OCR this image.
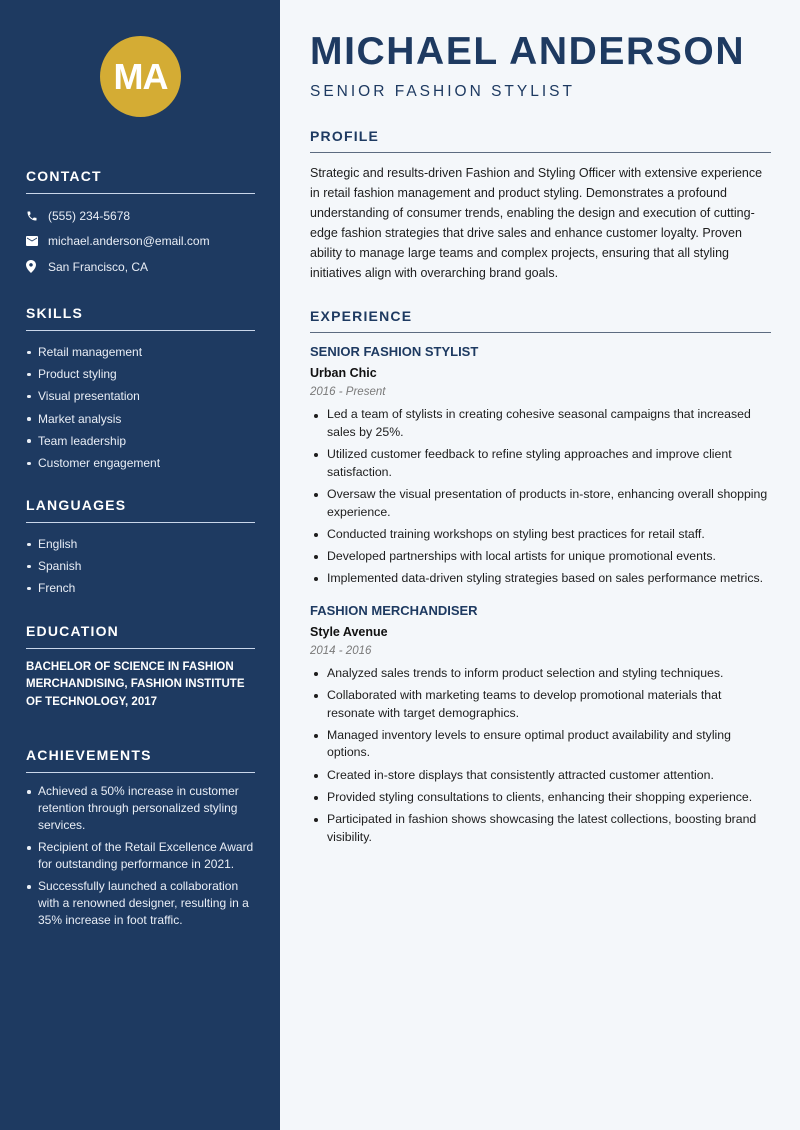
MA
CONTACT
(555) 234-5678
michael.anderson@email.com
San Francisco, CA
SKILLS
Retail management
Product styling
Visual presentation
Market analysis
Team leadership
Customer engagement
LANGUAGES
English
Spanish
French
EDUCATION

BACHELOR OF SCIENCE IN FASHION MERCHANDISING, FASHION INSTITUTE OF TECHNOLOGY, 2017

ACHIEVEMENTS
Achieved a 50% increase in customer retention through personalized styling services.
Recipient of the Retail Excellence Award for outstanding performance in 2021.
Successfully launched a collaboration with a renowned designer, resulting in a 35% increase in foot traffic.
MICHAEL ANDERSON
SENIOR FASHION STYLIST
PROFILE

Strategic and results-driven Fashion and Styling Officer with extensive experience in retail fashion management and product styling. Demonstrates a profound understanding of consumer trends, enabling the design and execution of cutting-edge fashion strategies that drive sales and enhance customer loyalty. Proven ability to manage large teams and complex projects, ensuring that all styling initiatives align with overarching brand goals.

EXPERIENCE
SENIOR FASHION STYLIST
Urban Chic
2016 - Present
Led a team of stylists in creating cohesive seasonal campaigns that increased sales by 25%.
Utilized customer feedback to refine styling approaches and improve client satisfaction.
Oversaw the visual presentation of products in-store, enhancing overall shopping experience.
Conducted training workshops on styling best practices for retail staff.
Developed partnerships with local artists for unique promotional events.
Implemented data-driven styling strategies based on sales performance metrics.
FASHION MERCHANDISER
Style Avenue
2014 - 2016
Analyzed sales trends to inform product selection and styling techniques.
Collaborated with marketing teams to develop promotional materials that resonate with target demographics.
Managed inventory levels to ensure optimal product availability and styling options.
Created in-store displays that consistently attracted customer attention.
Provided styling consultations to clients, enhancing their shopping experience.
Participated in fashion shows showcasing the latest collections, boosting brand visibility.
